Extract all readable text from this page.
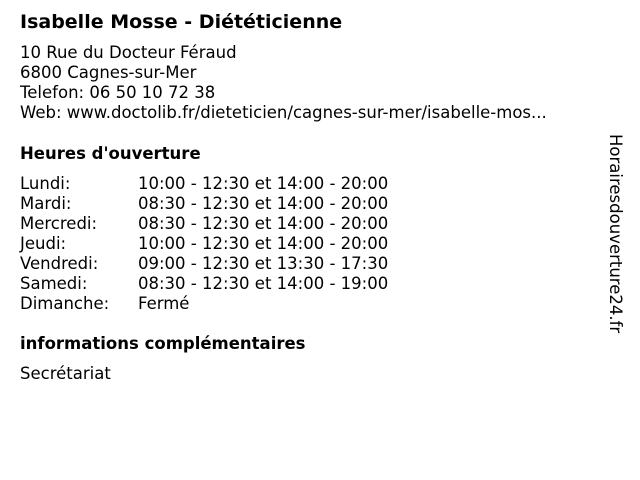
Isabelle Mosse - Diététicienne
10 Rue du Docteur Féraud
6800 Cagnes-sur-Mer
Telefon: 06 50 10 72 38
Web: www.doctolib.fr/dieteticien/cagnes-sur-mer/isabelle-mos...
Heures d'ouverture
Lundi:	10:00 - 12:30 et 14:00 - 20:00
Mardi:	08:30 - 12:30 et 14:00 - 20:00
Mercredi: 08:30 - 12:30 et 14:00 - 20:00
Jeudi:	10:00 - 12:30 et 14:00 - 20:00
Vendredi: 09:00 - 12:30 et 13:30 - 17:30
Samedi:	08:30 - 12:30 et 14:00 - 19:00
Dimanche: Fermé
informations complémentaires
Secrétariat
Horairesdouverture24.fr
